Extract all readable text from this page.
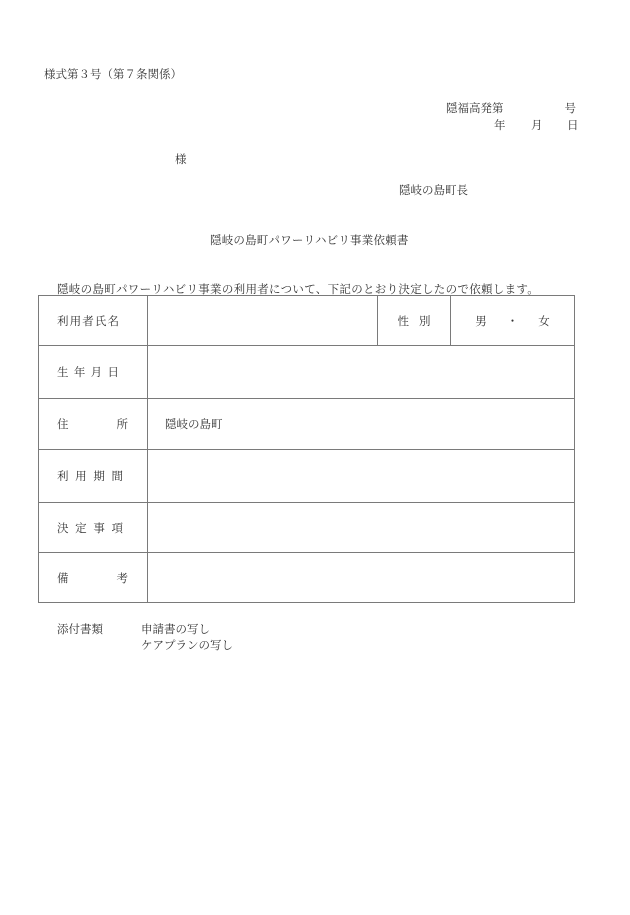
様式第３号（第７条関係）
隠福高発第	号
年 月 日
様
隠岐の島町長
隠岐の島町パワーリハビリ事業依頼書
隠岐の島町パワーリハビリ事業の利用者について、下記のとおり決定したので依頼します。
利 用 者 氏 名		性 別	男 ・ 女

生 年 月 日			

住 所	隠岐の島町		

利 用 期 間			

決 定 事 項			

備 考			

添付書類	申請書の写し
ケアプランの写し
